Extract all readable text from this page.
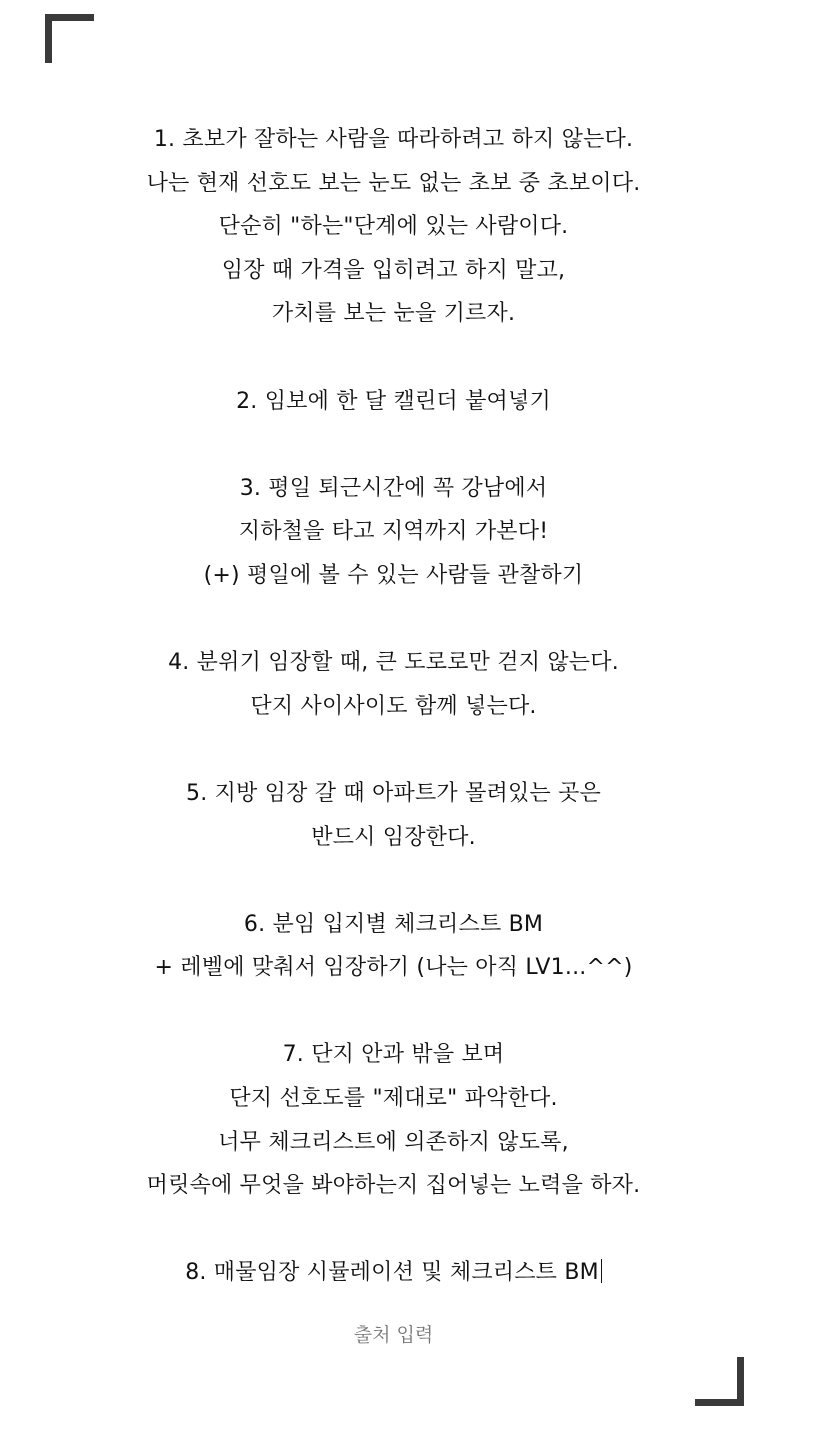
1. 초보가 잘하는 사람을 따라하려고 하지 않는다.
나는 현재 선호도 보는 눈도 없는 초보 중 초보이다.
단순히 "하는"단계에 있는 사람이다.
임장 때 가격을 입히려고 하지 말고,
가치를 보는 눈을 기르자.
2. 임보에 한 달 캘린더 붙여넣기
3. 평일 퇴근시간에 꼭 강남에서
지하철을 타고 지역까지 가본다!
(+) 평일에 볼 수 있는 사람들 관찰하기
4. 분위기 임장할 때, 큰 도로로만 걷지 않는다.
단지 사이사이도 함께 넣는다.
5. 지방 임장 갈 때 아파트가 몰려있는 곳은
반드시 임장한다.
6. 분임 입지별 체크리스트 BM
+ 레벨에 맞춰서 임장하기 (나는 아직 LV1...^^)
7. 단지 안과 밖을 보며
단지 선호도를 "제대로" 파악한다.
너무 체크리스트에 의존하지 않도록,
머릿속에 무엇을 봐야하는지 집어넣는 노력을 하자.
8. 매물임장 시뮬레이션 및 체크리스트 BM
출처 입력
